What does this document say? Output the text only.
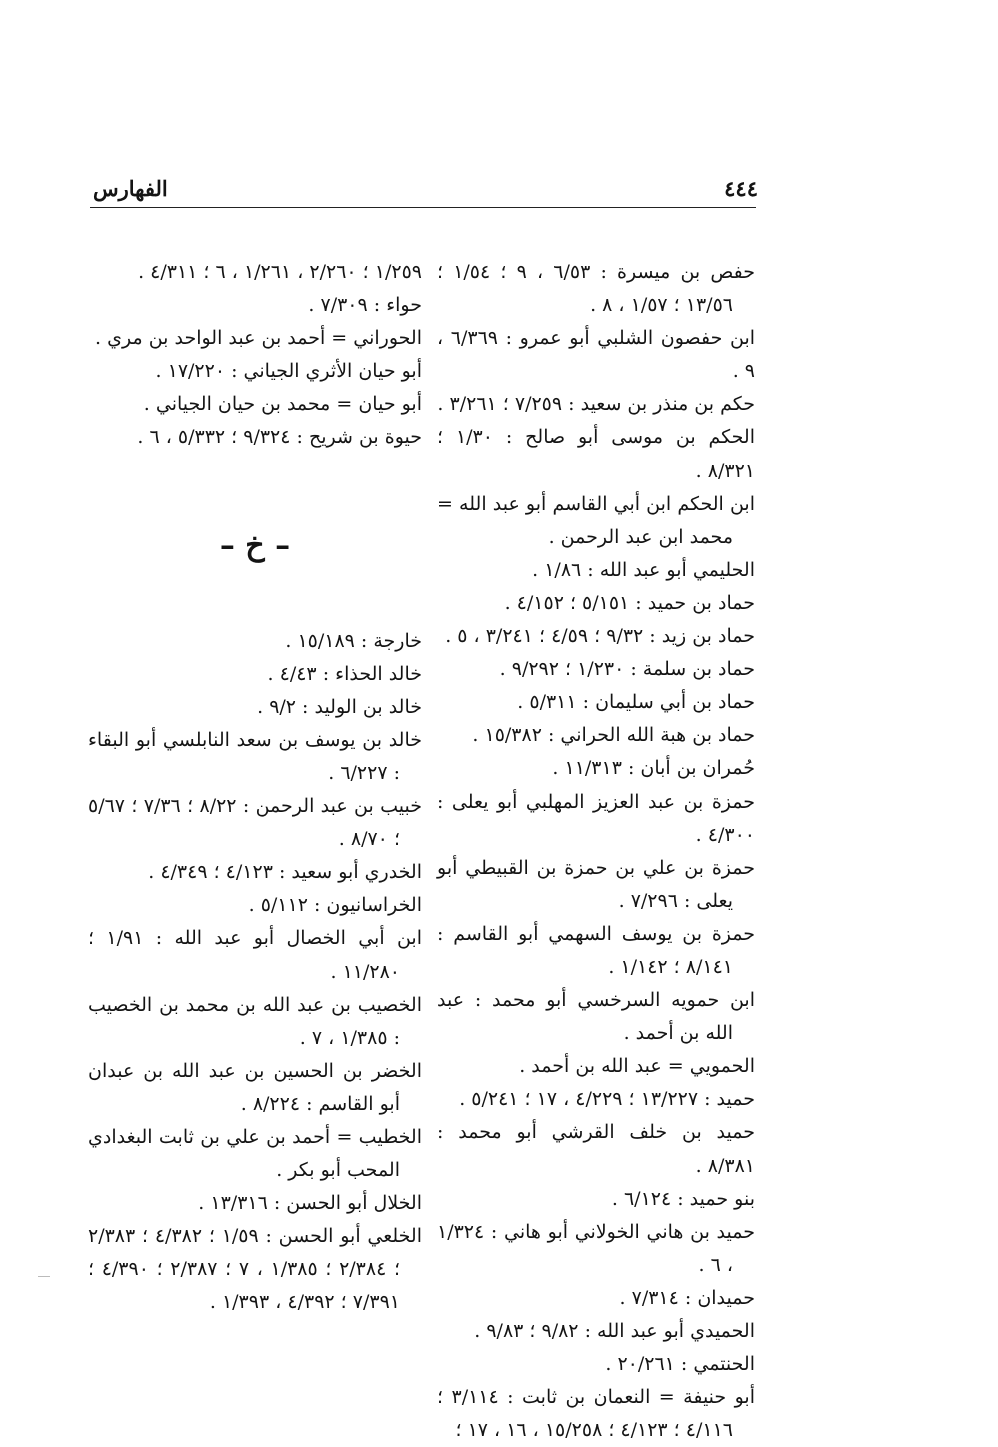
٤٤٤
الفهارس

حفص بن ميسرة : ٦/٥٣ ، ٩ ؛ ١/٥٤ ؛ ١٣/٥٦ ؛ ١/٥٧ ، ٨ .

ابن حفصون الشلبي أبو عمرو : ٦/٣٦٩ ، ٩ .

حكم بن منذر بن سعيد : ٧/٢٥٩ ؛ ٣/٢٦١ .

الحكم بن موسى أبو صالح : ١/٣٠ ؛ ٨/٣٢١ .

ابن الحكم ابن أبي القاسم أبو عبد الله = محمد ابن عبد الرحمن .

الحليمي أبو عبد الله : ١/٨٦ .

حماد بن حميد : ٥/١٥١ ؛ ٤/١٥٢ .

حماد بن زيد : ٩/٣٢ ؛ ٤/٥٩ ؛ ٣/٢٤١ ، ٥ .

حماد بن سلمة : ١/٢٣٠ ؛ ٩/٢٩٢ .

حماد بن أبي سليمان : ٥/٣١١ .

حماد بن هبة الله الحراني : ١٥/٣٨٢ .

حُمران بن أبان : ١١/٣١٣ .

حمزة بن عبد العزيز المهلبي أبو يعلى : ٤/٣٠٠ .

حمزة بن علي بن حمزة بن القبيطي أبو يعلى : ٧/٢٩٦ .

حمزة بن يوسف السهمي أبو القاسم : ٨/١٤١ ؛ ١/١٤٢ .

ابن حمويه السرخسي أبو محمد : عبد الله بن أحمد .

الحمويي = عبد الله بن أحمد .

حميد : ١٣/٢٢٧ ؛ ٤/٢٢٩ ، ١٧ ؛ ٥/٢٤١ .

حميد بن خلف القرشي أبو محمد : ٨/٣٨١ .

بنو حميد : ٦/١٢٤ .

حميد بن هاني الخولاني أبو هاني : ١/٣٢٤ ، ٦ .

حميدان : ٧/٣١٤ .

الحميدي أبو عبد الله : ٩/٨٢ ؛ ٩/٨٣ .

الحنتمي : ٢٠/٢٦١ .

أبو حنيفة = النعمان بن ثابت : ٣/١١٤ ؛ ٤/١١٦ ؛ ٤/١٢٣ ؛ ١٥/٢٥٨ ، ١٦ ، ١٧ ؛

١/٢٥٩ ؛ ٢/٢٦٠ ، ١/٢٦١ ، ٦ ؛ ٤/٣١١ .

حواء : ٧/٣٠٩ .

الحوراني = أحمد بن عبد الواحد بن مري .

أبو حيان الأثري الجياني : ١٧/٢٢٠ .

أبو حيان = محمد بن حيان الجياني .

حيوة بن شريح : ٩/٣٢٤ ؛ ٥/٣٣٢ ، ٦ .

– خ –

خارجة : ١٥/١٨٩ .

خالد الحذاء : ٤/٤٣ .

خالد بن الوليد : ٩/٢ .

خالد بن يوسف بن سعد النابلسي أبو البقاء : ٦/٢٢٧ .

خبيب بن عبد الرحمن : ٨/٢٢ ؛ ٧/٣٦ ؛ ٥/٦٧ ؛ ٨/٧٠ .

الخدري أبو سعيد : ٤/١٢٣ ؛ ٤/٣٤٩ .

الخراسانيون : ٥/١١٢ .

ابن أبي الخصال أبو عبد الله : ١/٩١ ؛ ١١/٢٨٠ .

الخصيب بن عبد الله بن محمد بن الخصيب : ١/٣٨٥ ، ٧ .

الخضر بن الحسين بن عبد الله بن عبدان أبو القاسم : ٨/٢٢٤ .

الخطيب = أحمد بن علي بن ثابت البغدادي المحب أبو بكر .

الخلال أبو الحسن : ١٣/٣١٦ .

الخلعي أبو الحسن : ١/٥٩ ؛ ٤/٣٨٢ ؛ ٢/٣٨٣ ؛ ٢/٣٨٤ ؛ ١/٣٨٥ ، ٧ ؛ ٢/٣٨٧ ؛ ٤/٣٩٠ ؛ ٧/٣٩١ ؛ ٤/٣٩٢ ، ١/٣٩٣ .
